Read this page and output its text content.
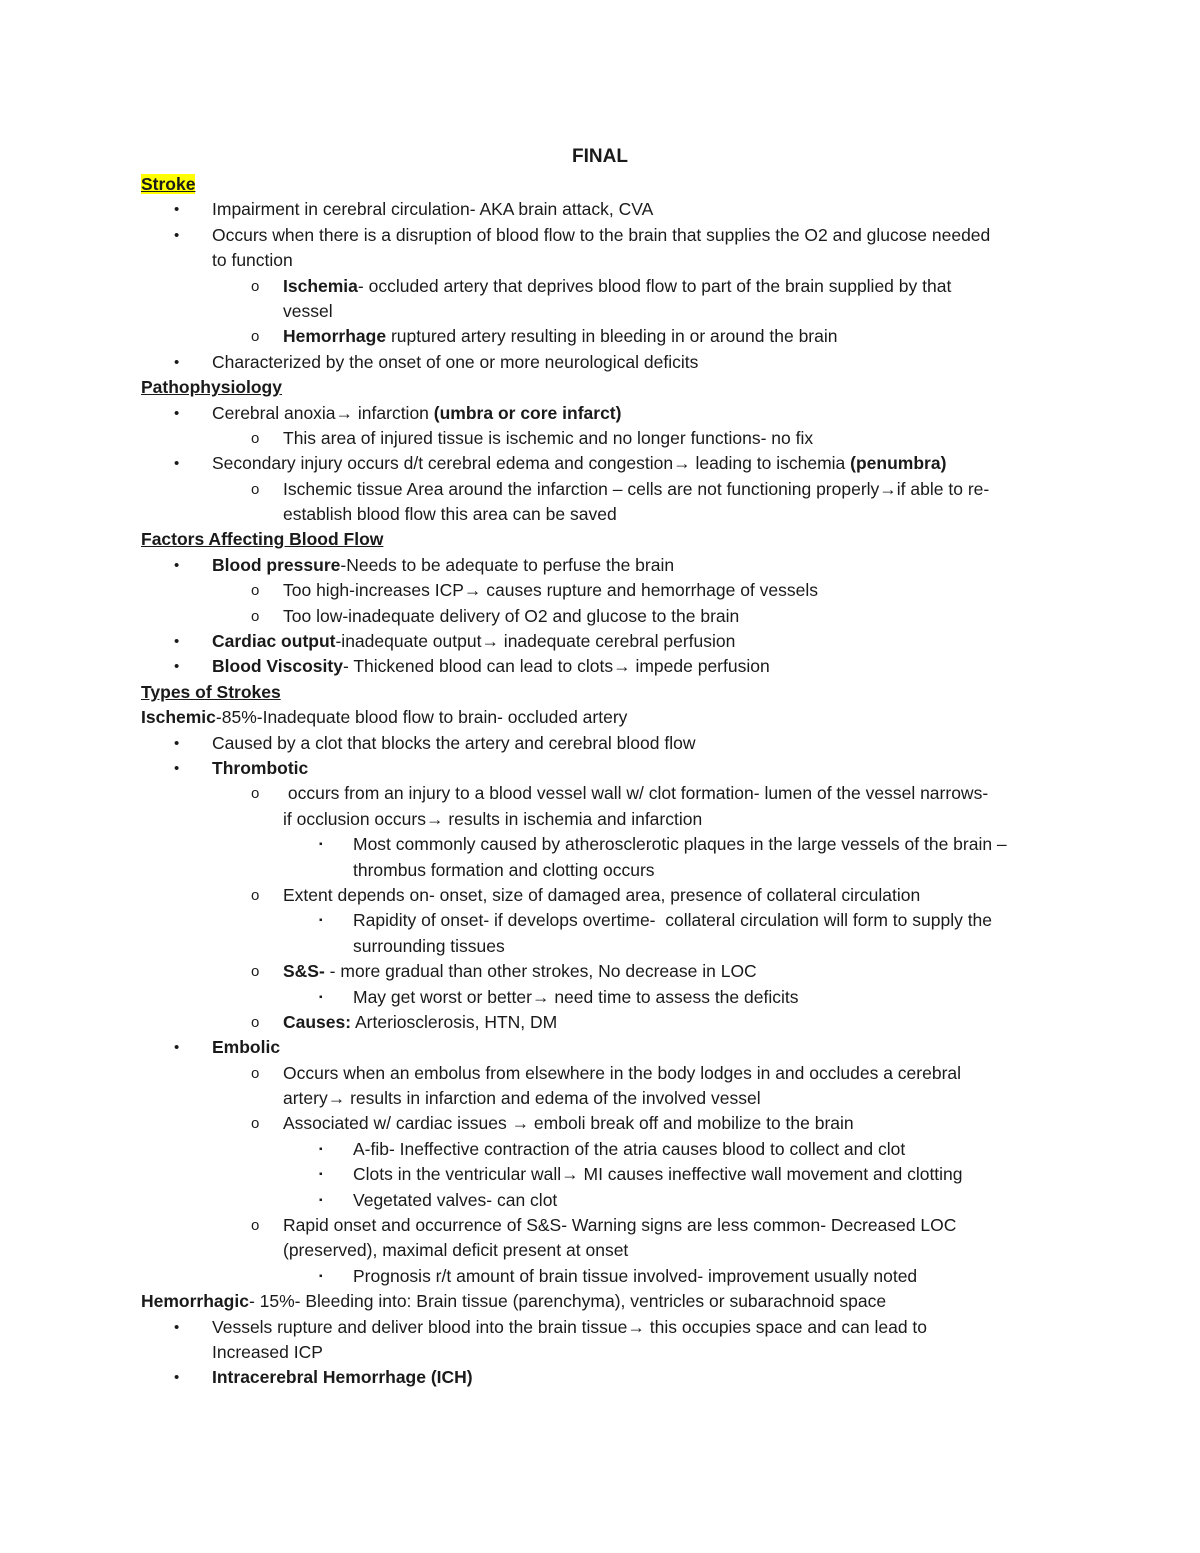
FINAL
Stroke
• Impairment in cerebral circulation- AKA brain attack, CVA
• Occurs when there is a disruption of blood flow to the brain that supplies the O2 and glucose needed
to function
o Ischemia- occluded artery that deprives blood flow to part of the brain supplied by that
vessel
o Hemorrhage ruptured artery resulting in bleeding in or around the brain
• Characterized by the onset of one or more neurological deficits
Pathophysiology
• Cerebral anoxia→ infarction (umbra or core infarct)
o This area of injured tissue is ischemic and no longer functions- no fix
• Secondary injury occurs d/t cerebral edema and congestion→ leading to ischemia (penumbra)
o Ischemic tissue Area around the infarction – cells are not functioning properly→if able to re-
establish blood flow this area can be saved
Factors Affecting Blood Flow
• Blood pressure-Needs to be adequate to perfuse the brain
o Too high-increases ICP→ causes rupture and hemorrhage of vessels
o Too low-inadequate delivery of O2 and glucose to the brain
• Cardiac output-inadequate output→ inadequate cerebral perfusion
• Blood Viscosity- Thickened blood can lead to clots→ impede perfusion
Types of Strokes
Ischemic-85%-Inadequate blood flow to brain- occluded artery
• Caused by a clot that blocks the artery and cerebral blood flow
• Thrombotic
o occurs from an injury to a blood vessel wall w/ clot formation- lumen of the vessel narrows-
if occlusion occurs→ results in ischemia and infarction
▪ Most commonly caused by atherosclerotic plaques in the large vessels of the brain –
thrombus formation and clotting occurs
o Extent depends on- onset, size of damaged area, presence of collateral circulation
▪ Rapidity of onset- if develops overtime-  collateral circulation will form to supply the
surrounding tissues
o S&S- - more gradual than other strokes, No decrease in LOC
▪ May get worst or better→ need time to assess the deficits
o Causes: Arteriosclerosis, HTN, DM
• Embolic
o Occurs when an embolus from elsewhere in the body lodges in and occludes a cerebral
artery→ results in infarction and edema of the involved vessel
o Associated w/ cardiac issues → emboli break off and mobilize to the brain
▪ A-fib- Ineffective contraction of the atria causes blood to collect and clot
▪ Clots in the ventricular wall→ MI causes ineffective wall movement and clotting
▪ Vegetated valves- can clot
o Rapid onset and occurrence of S&S- Warning signs are less common- Decreased LOC
(preserved), maximal deficit present at onset
▪ Prognosis r/t amount of brain tissue involved- improvement usually noted
Hemorrhagic- 15%- Bleeding into: Brain tissue (parenchyma), ventricles or subarachnoid space
• Vessels rupture and deliver blood into the brain tissue→ this occupies space and can lead to
Increased ICP
• Intracerebral Hemorrhage (ICH)
